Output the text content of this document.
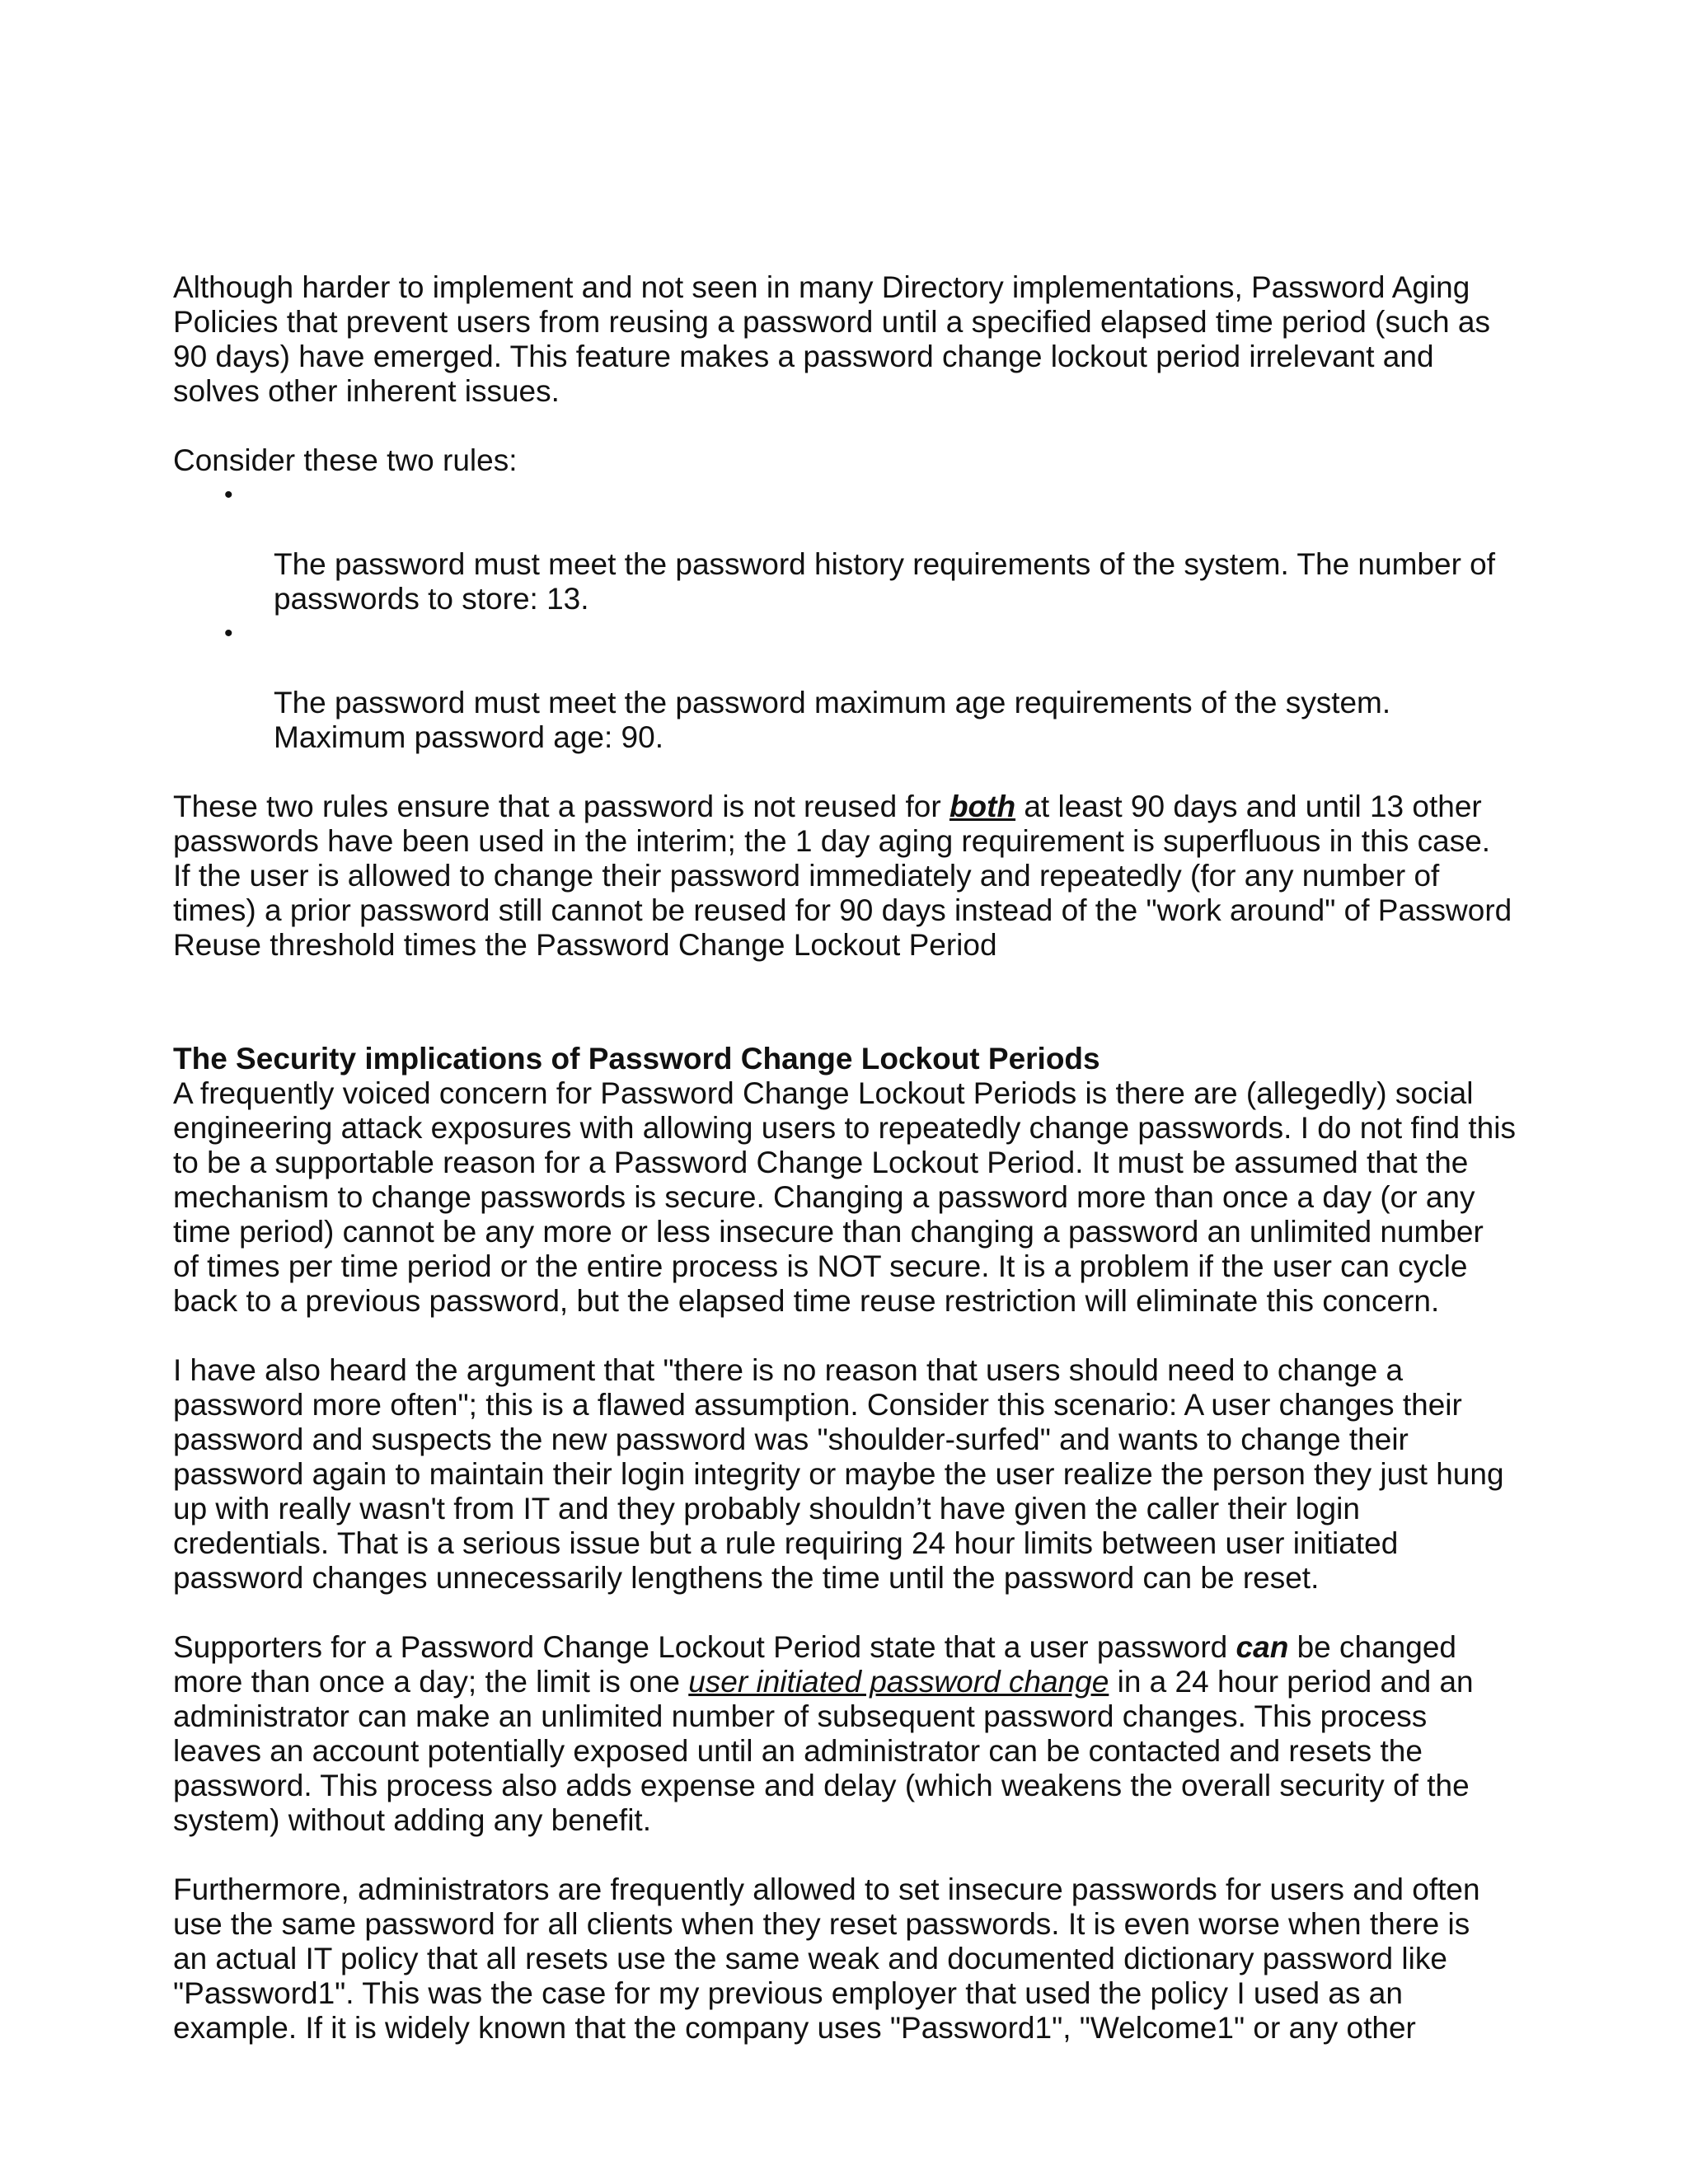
Although harder to implement and not seen in many Directory implementations, Password Aging
Policies that prevent users from reusing a password until a specified elapsed time period (such as
90 days) have emerged. This feature makes a password change lockout period irrelevant and
solves other inherent issues.

Consider these two rules:

•

The password must meet the password history requirements of the system. The number of
passwords to store: 13.

•

The password must meet the password maximum age requirements of the system.
Maximum password age: 90.

These two rules ensure that a password is not reused for both at least 90 days and until 13 other
passwords have been used in the interim; the 1 day aging requirement is superfluous in this case.
If the user is allowed to change their password immediately and repeatedly (for any number of
times) a prior password still cannot be reused for 90 days instead of the "work around" of Password
Reuse threshold times the Password Change Lockout Period

The Security implications of Password Change Lockout Periods

A frequently voiced concern for Password Change Lockout Periods is there are (allegedly) social
engineering attack exposures with allowing users to repeatedly change passwords. I do not find this
to be a supportable reason for a Password Change Lockout Period. It must be assumed that the
mechanism to change passwords is secure. Changing a password more than once a day (or any
time period) cannot be any more or less insecure than changing a password an unlimited number
of times per time period or the entire process is NOT secure. It is a problem if the user can cycle
back to a previous password, but the elapsed time reuse restriction will eliminate this concern.

I have also heard the argument that "there is no reason that users should need to change a
password more often"; this is a flawed assumption. Consider this scenario: A user changes their
password and suspects the new password was "shoulder-surfed" and wants to change their
password again to maintain their login integrity or maybe the user realize the person they just hung
up with really wasn't from IT and they probably shouldn’t have given the caller their login
credentials. That is a serious issue but a rule requiring 24 hour limits between user initiated
password changes unnecessarily lengthens the time until the password can be reset.

Supporters for a Password Change Lockout Period state that a user password can be changed
more than once a day; the limit is one user initiated password change in a 24 hour period and an
administrator can make an unlimited number of subsequent password changes. This process
leaves an account potentially exposed until an administrator can be contacted and resets the
password. This process also adds expense and delay (which weakens the overall security of the
system) without adding any benefit.

Furthermore, administrators are frequently allowed to set insecure passwords for users and often
use the same password for all clients when they reset passwords. It is even worse when there is
an actual IT policy that all resets use the same weak and documented dictionary password like
"Password1". This was the case for my previous employer that used the policy I used as an
example. If it is widely known that the company uses "Password1", "Welcome1" or any other
